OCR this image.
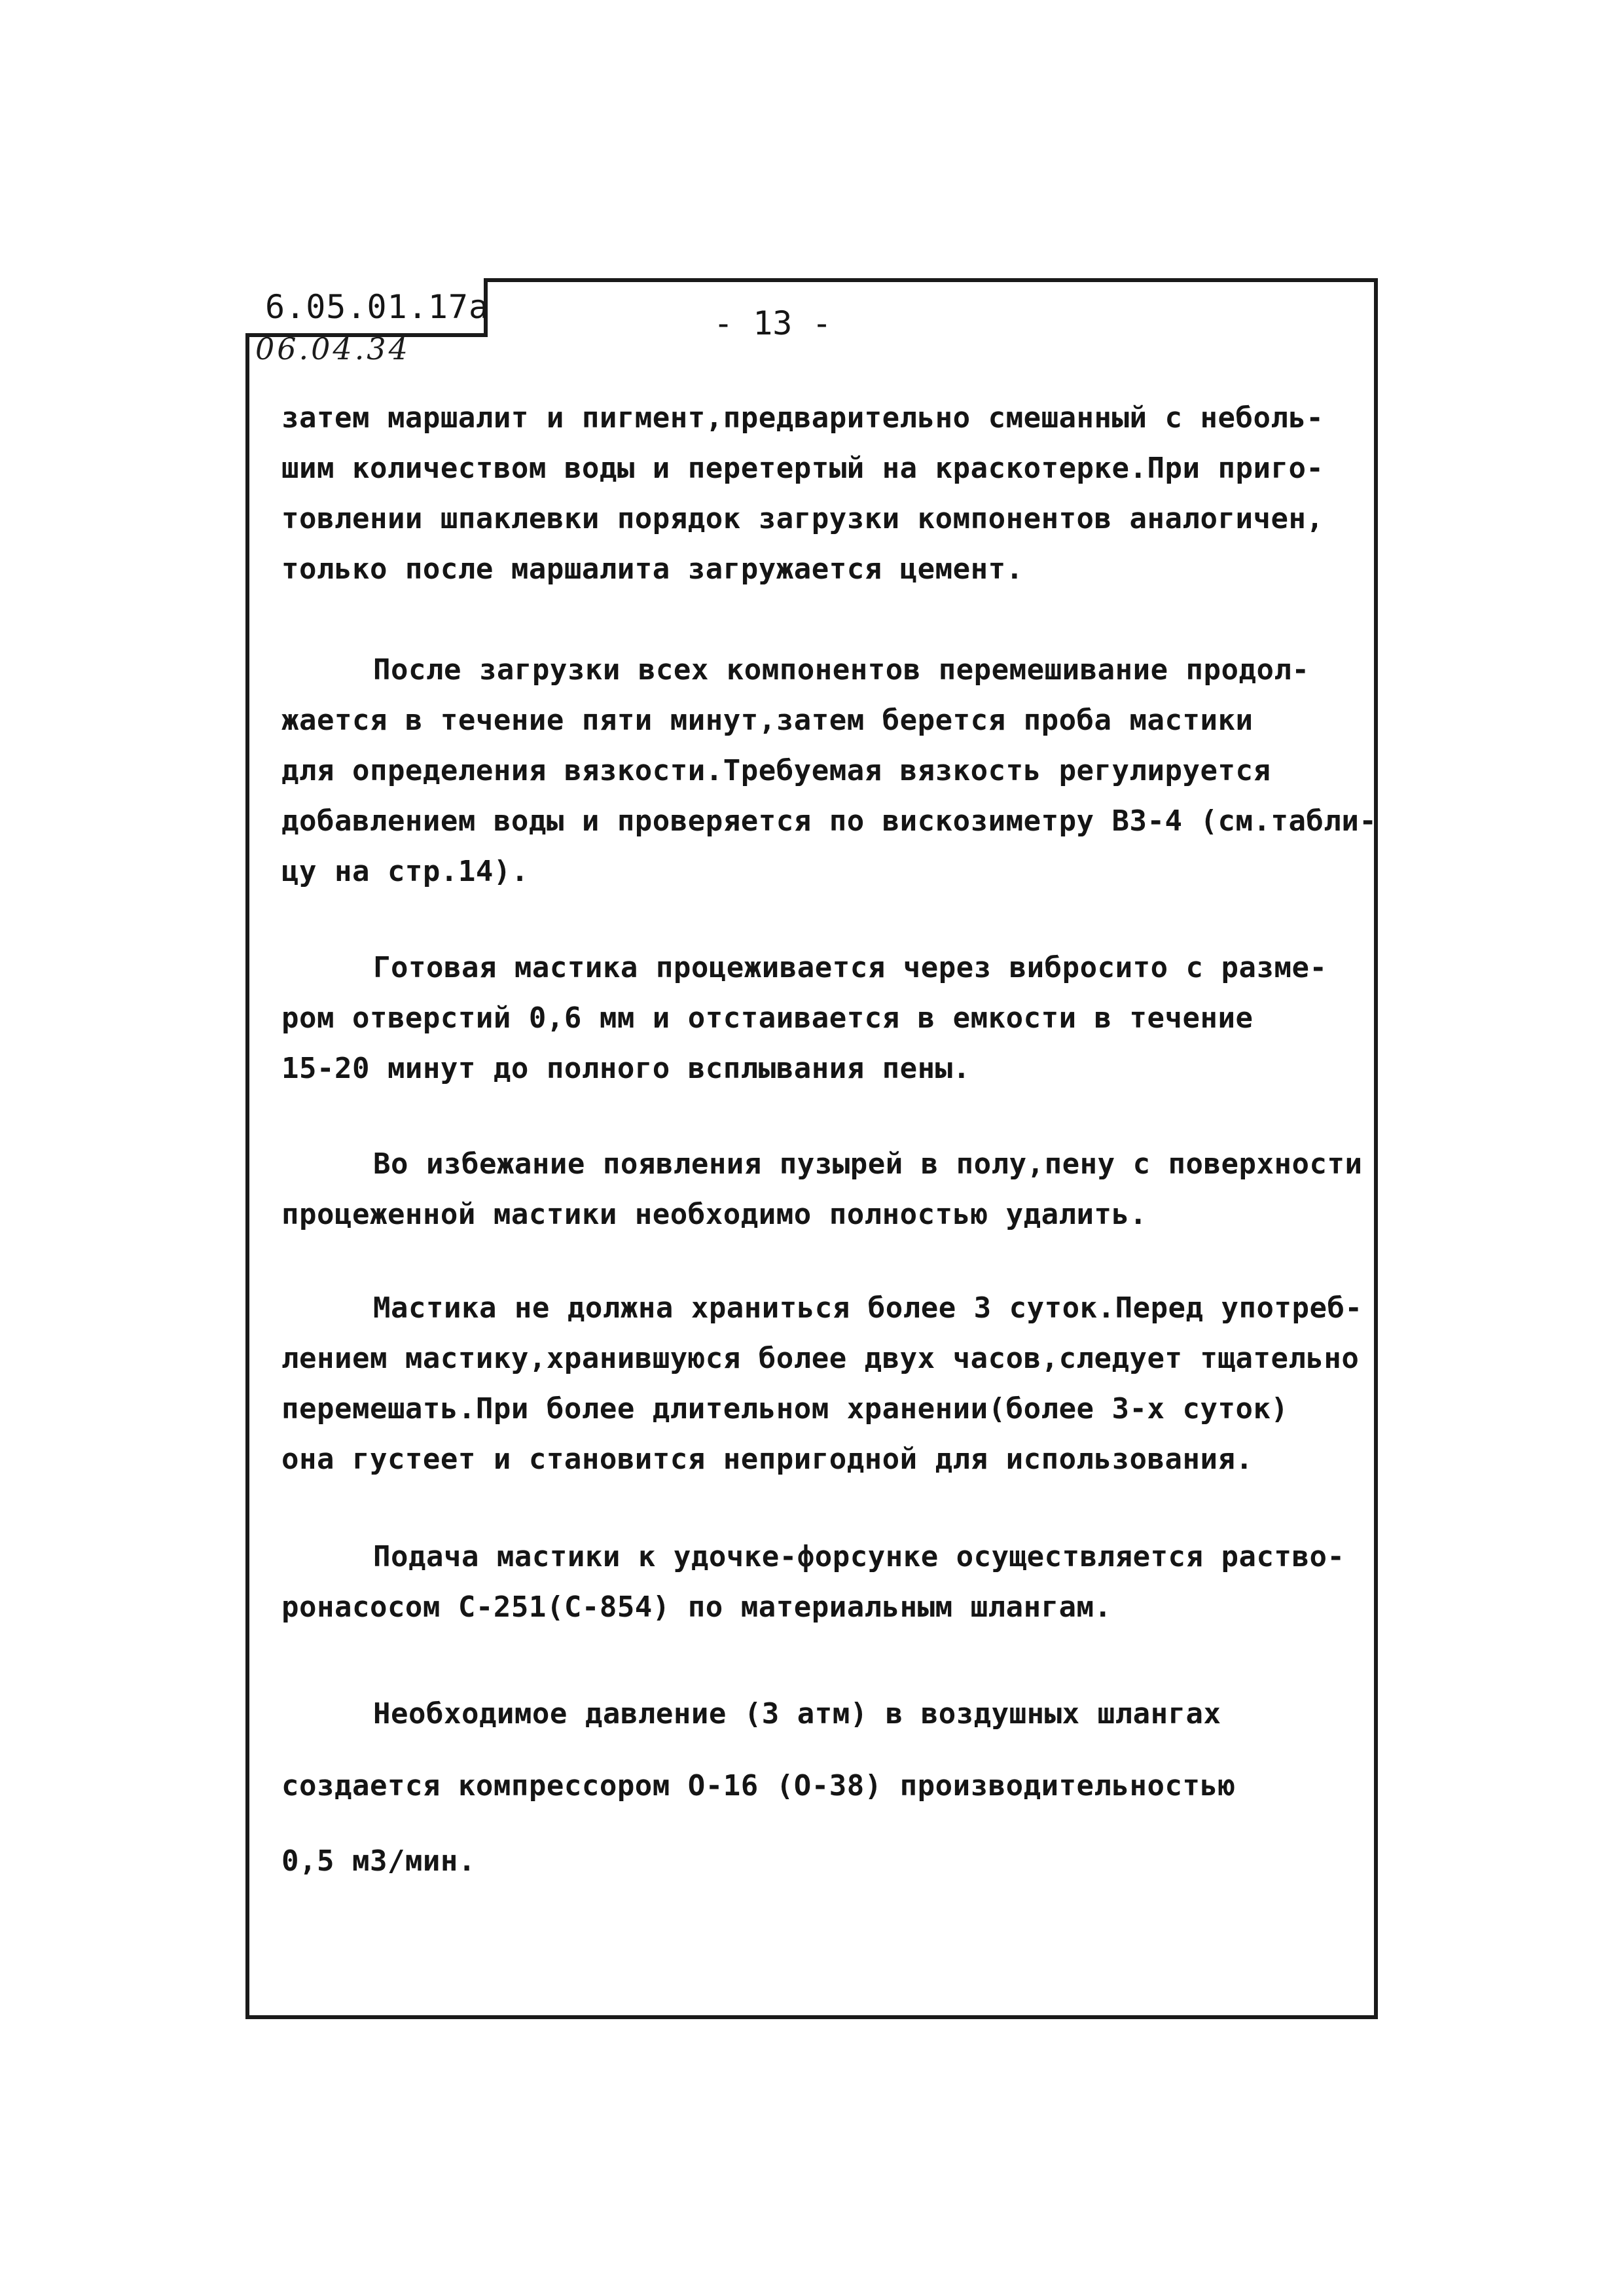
6.05.01.17а
06.04.34
- 13 -
затем маршалит и пигмент,предварительно смешанный с неболь-
шим количеством воды и перетертый на краскотерке.При приго-
товлении шпаклевки порядок загрузки компонентов аналогичен,
только после маршалита загружается цемент.
После загрузки всех компонентов перемешивание продол-
жается в течение пяти минут,затем берется проба мастики
для определения вязкости.Требуемая вязкость регулируется
добавлением воды и проверяется по вискозиметру ВЗ-4 (см.табли-
цу на стр.14).
Готовая мастика процеживается через вибросито с разме-
ром отверстий 0,6 мм и отстаивается в емкости в течение
15-20 минут до полного всплывания пены.
Во избежание появления пузырей в полу,пену с поверхности
процеженной мастики необходимо полностью удалить.
Мастика не должна храниться более 3 суток.Перед употреб-
лением мастику,хранившуюся более двух часов,следует тщательно
перемешать.При более длительном хранении(более 3-х суток)
она густеет и становится непригодной для использования.
Подача мастики к удочке-форсунке осуществляется раство-
ронасосом С-251(С-854) по материальным шлангам.
Необходимое давление (3 атм) в воздушных шлангах
создается компрессором О-16 (О-38) производительностью
0,5 м3/мин.
